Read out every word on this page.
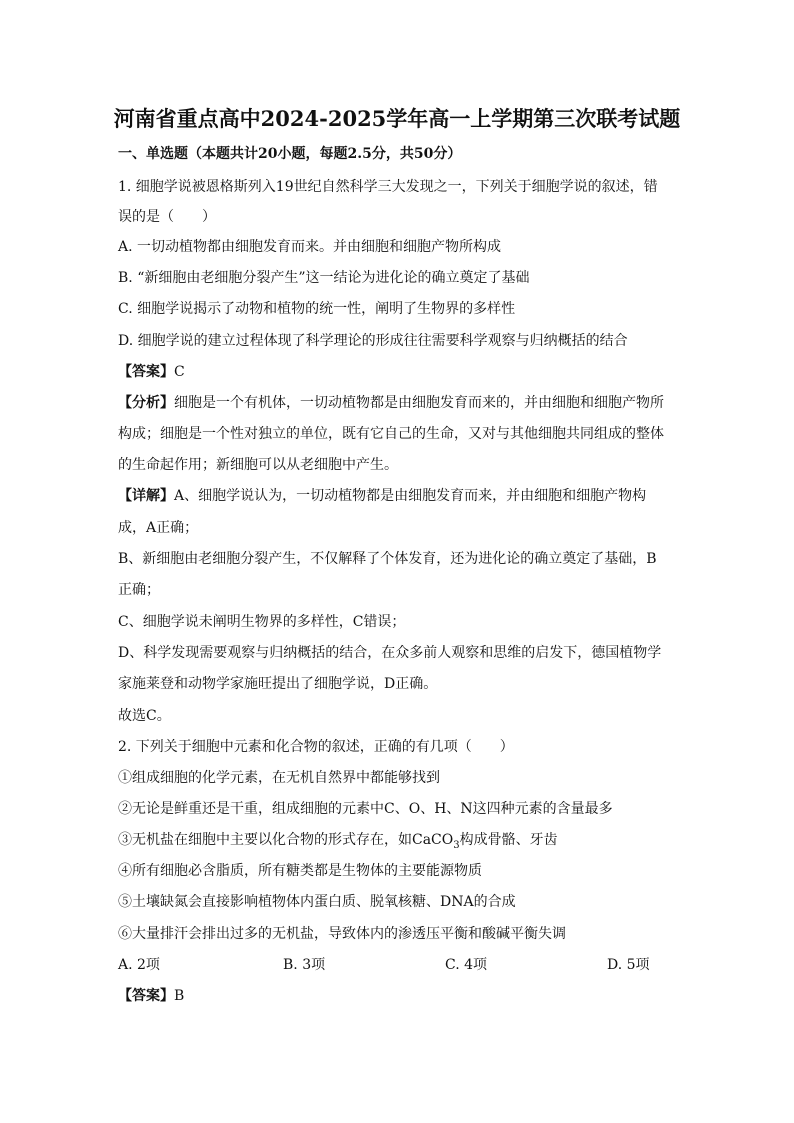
河南省重点高中2024-2025学年高一上学期第三次联考试题
一、单选题（本题共计20小题，每题2.5分，共50分）
1. 细胞学说被恩格斯列入19世纪自然科学三大发现之一，下列关于细胞学说的叙述，错
误的是（　　）
A. 一切动植物都由细胞发育而来。并由细胞和细胞产物所构成
B. “新细胞由老细胞分裂产生”这一结论为进化论的确立奠定了基础
C. 细胞学说揭示了动物和植物的统一性，阐明了生物界的多样性
D. 细胞学说的建立过程体现了科学理论的形成往往需要科学观察与归纳概括的结合
【答案】C
【分析】细胞是一个有机体，一切动植物都是由细胞发育而来的，并由细胞和细胞产物所
构成；细胞是一个性对独立的单位，既有它自己的生命，又对与其他细胞共同组成的整体
的生命起作用；新细胞可以从老细胞中产生。
【详解】A、细胞学说认为，一切动植物都是由细胞发育而来，并由细胞和细胞产物构
成，A正确；
B、新细胞由老细胞分裂产生，不仅解释了个体发育，还为进化论的确立奠定了基础，B
正确；
C、细胞学说未阐明生物界的多样性，C错误；
D、科学发现需要观察与归纳概括的结合，在众多前人观察和思维的启发下，德国植物学
家施莱登和动物学家施旺提出了细胞学说，D正确。
故选C。
2. 下列关于细胞中元素和化合物的叙述，正确的有几项（　　）
①组成细胞的化学元素，在无机自然界中都能够找到
②无论是鲜重还是干重，组成细胞的元素中C、O、H、N这四种元素的含量最多
③无机盐在细胞中主要以化合物的形式存在，如CaCO$_3$构成骨骼、牙齿
④所有细胞必含脂质，所有糖类都是生物体的主要能源物质
⑤土壤缺氮会直接影响植物体内蛋白质、脱氧核糖、DNA的合成
⑥大量排汗会排出过多的无机盐，导致体内的渗透压平衡和酸碱平衡失调
A. 2项	B. 3项	C. 4项	D. 5项
【答案】B
